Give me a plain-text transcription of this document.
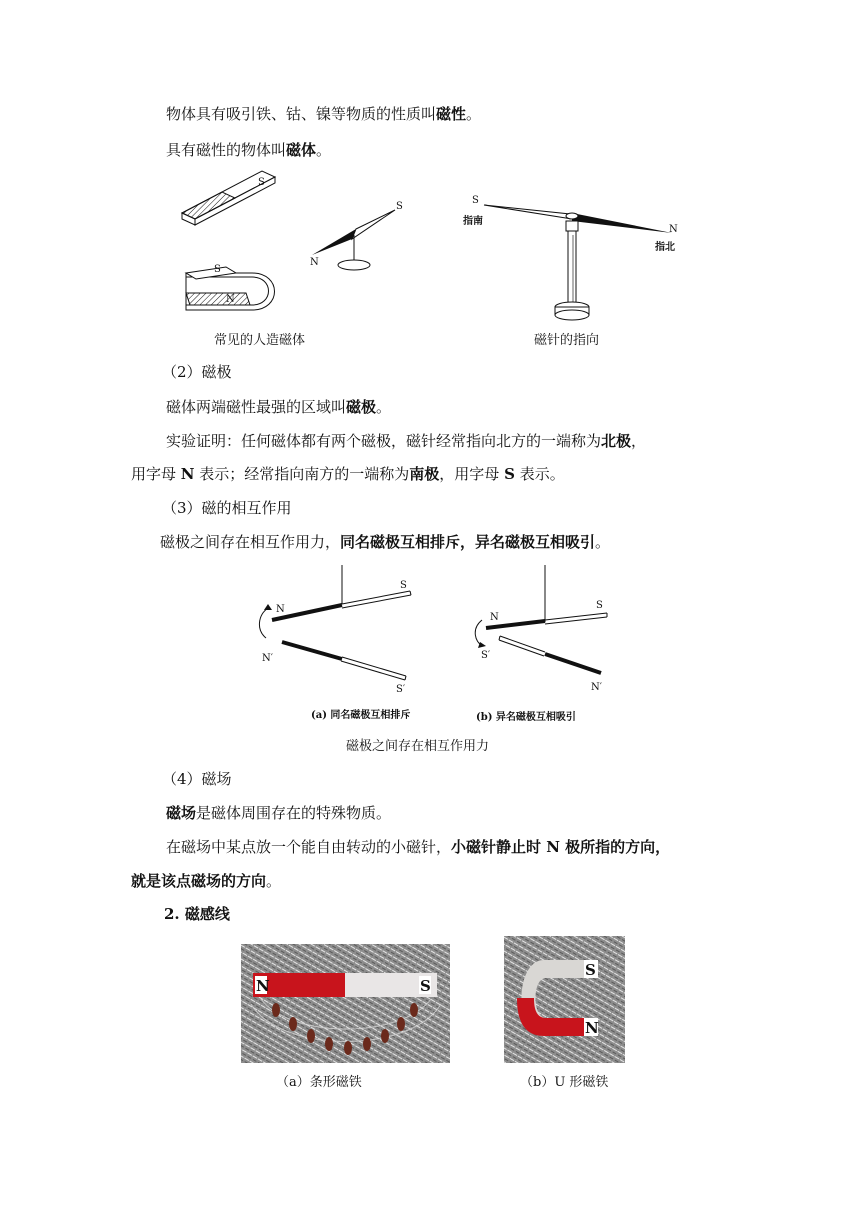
物体具有吸引铁、钴、镍等物质的性质叫磁性。
具有磁性的物体叫磁体。
S
S
N
S
N
S
指南
N
指北
常见的人造磁体	磁针的指向
（2）磁极
磁体两端磁性最强的区域叫磁极。
实验证明：任何磁体都有两个磁极，磁针经常指向北方的一端称为北极，
用字母 N 表示；经常指向南方的一端称为南极，用字母 S 表示。
（3）磁的相互作用
磁极之间存在相互作用力，同名磁极互相排斥，异名磁极互相吸引。
N
S
N′
S′
N
S
S′
N′
(a) 同名磁极互相排斥	(b) 异名磁极互相吸引
磁极之间存在相互作用力
（4）磁场
磁场是磁体周围存在的特殊物质。
在磁场中某点放一个能自由转动的小磁针，小磁针静止时 N 极所指的方向，
就是该点磁场的方向。
2. 磁感线
N	S
S
N
（a）条形磁铁	（b）U 形磁铁
